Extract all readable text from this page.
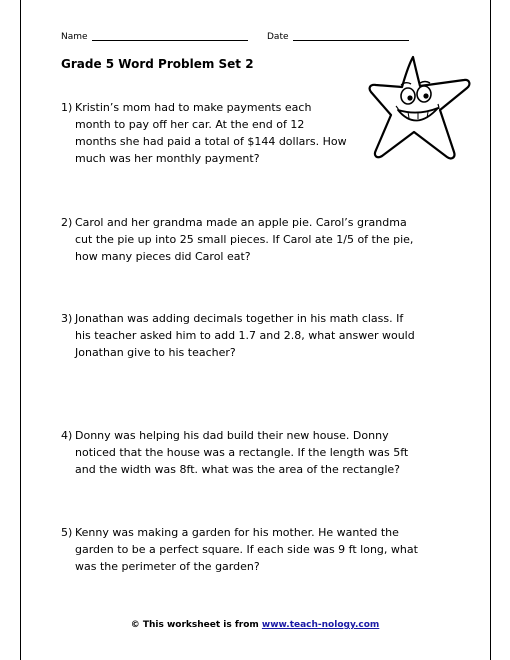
Name	Date
Grade 5 Word Problem Set 2
1) Kristin’s mom had to make payments each
month to pay off her car. At the end of 12
months she had paid a total of $144 dollars. How
much was her monthly payment?
2) Carol and her grandma made an apple pie. Carol’s grandma
cut the pie up into 25 small pieces. If Carol ate 1/5 of the pie,
how many pieces did Carol eat?
3) Jonathan was adding decimals together in his math class. If
his teacher asked him to add 1.7 and 2.8, what answer would
Jonathan give to his teacher?
4) Donny was helping his dad build their new house. Donny
noticed that the house was a rectangle. If the length was 5ft
and the width was 8ft. what was the area of the rectangle?
5) Kenny was making a garden for his mother. He wanted the
garden to be a perfect square. If each side was 9 ft long, what
was the perimeter of the garden?
© This worksheet is from www.teach-nology.com
